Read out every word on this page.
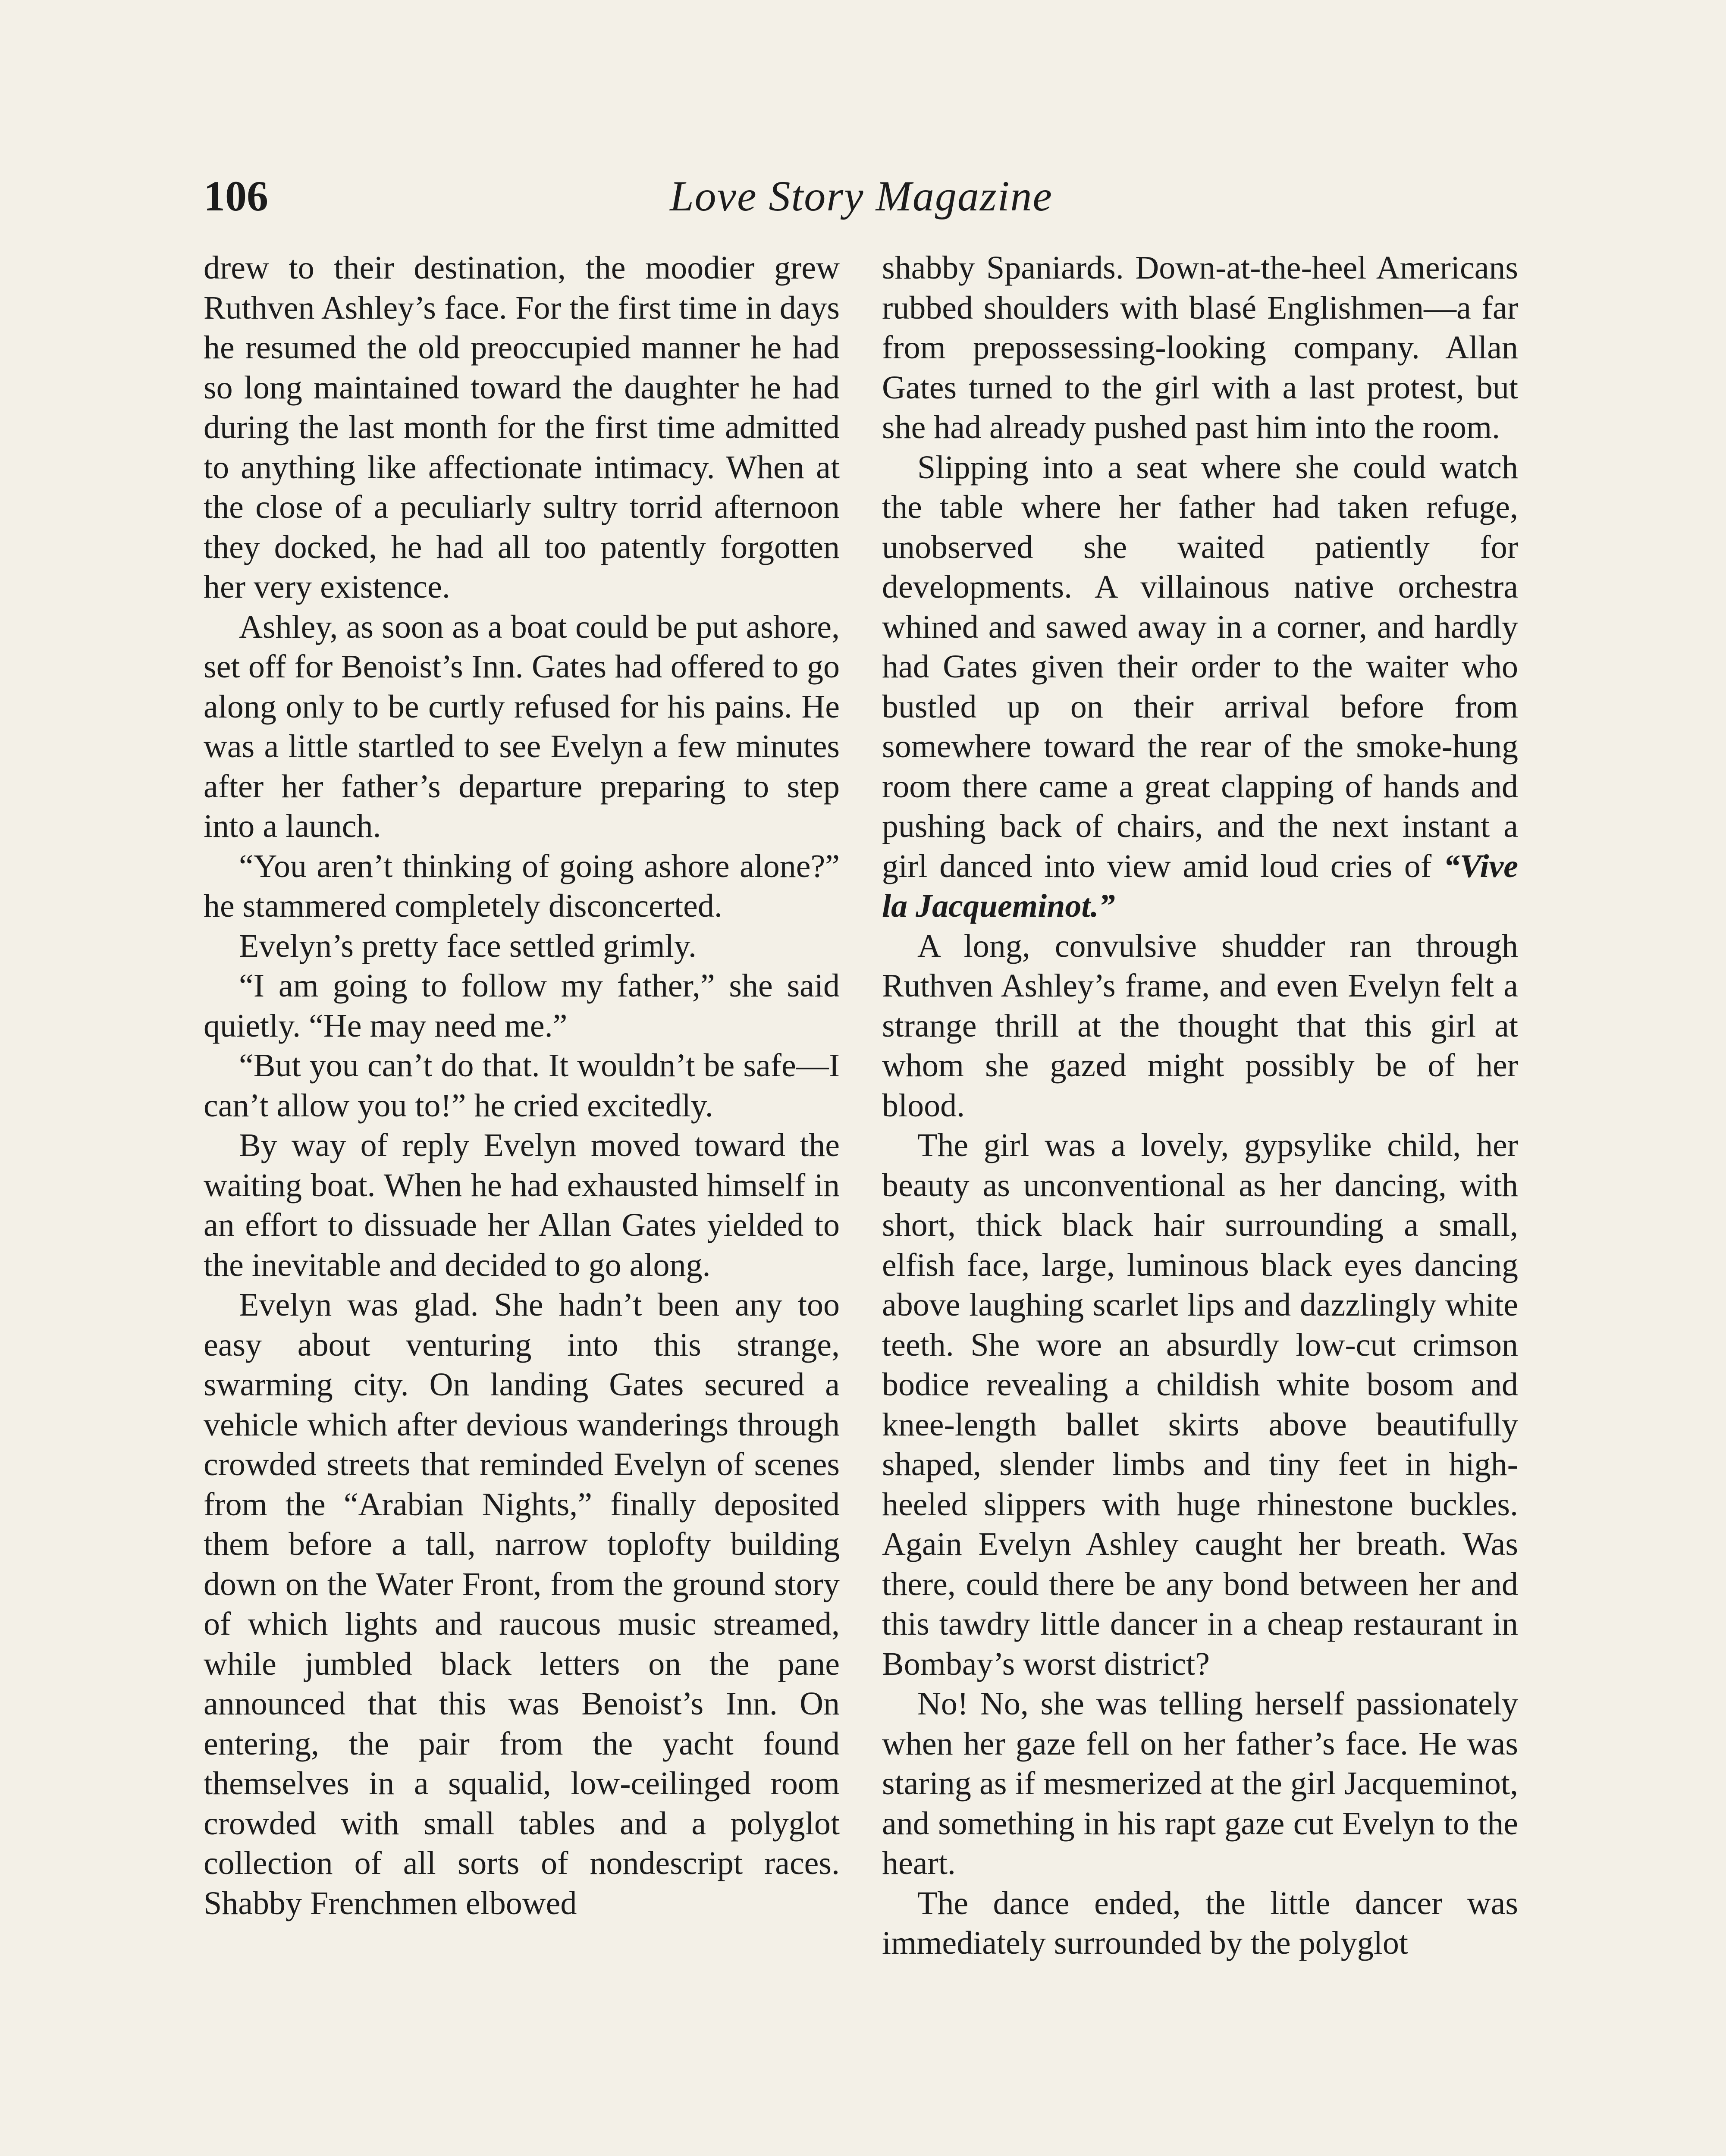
106	Love Story Magazine

drew to their destination, the moodier grew Ruthven Ashley’s face. For the first time in days he resumed the old preoccupied manner he had so long maintained toward the daughter he had during the last month for the first time admitted to anything like affectionate intimacy. When at the close of a peculiarly sultry torrid afternoon they docked, he had all too patently forgotten her very existence.

Ashley, as soon as a boat could be put ashore, set off for Benoist’s Inn. Gates had offered to go along only to be curtly refused for his pains. He was a little startled to see Evelyn a few minutes after her father’s departure preparing to step into a launch.

“You aren’t thinking of going ashore alone?” he stammered completely disconcerted.

Evelyn’s pretty face settled grimly.

“I am going to follow my father,” she said quietly. “He may need me.”

“But you can’t do that. It wouldn’t be safe—I can’t allow you to!” he cried excitedly.

By way of reply Evelyn moved toward the waiting boat. When he had exhausted himself in an effort to dissuade her Allan Gates yielded to the inevitable and decided to go along.

Evelyn was glad. She hadn’t been any too easy about venturing into this strange, swarming city. On landing Gates secured a vehicle which after devious wanderings through crowded streets that reminded Evelyn of scenes from the “Arabian Nights,” finally deposited them before a tall, narrow toplofty building down on the Water Front, from the ground story of which lights and raucous music streamed, while jumbled black letters on the pane announced that this was Benoist’s Inn. On entering, the pair from the yacht found themselves in a squalid, low-ceilinged room crowded with small tables and a polyglot collection of all sorts of nondescript races. Shabby Frenchmen elbowed

shabby Spaniards. Down-at-the-heel Americans rubbed shoulders with blasé Englishmen—a far from prepossessing-looking company. Allan Gates turned to the girl with a last protest, but she had already pushed past him into the room.

Slipping into a seat where she could watch the table where her father had taken refuge, unobserved she waited patiently for developments. A villainous native orchestra whined and sawed away in a corner, and hardly had Gates given their order to the waiter who bustled up on their arrival before from somewhere toward the rear of the smoke-hung room there came a great clapping of hands and pushing back of chairs, and the next instant a girl danced into view amid loud cries of “Vive la Jacqueminot.”

A long, convulsive shudder ran through Ruthven Ashley’s frame, and even Evelyn felt a strange thrill at the thought that this girl at whom she gazed might possibly be of her blood.

The girl was a lovely, gypsylike child, her beauty as unconventional as her dancing, with short, thick black hair surrounding a small, elfish face, large, luminous black eyes dancing above laughing scarlet lips and dazzlingly white teeth. She wore an absurdly low-cut crimson bodice revealing a childish white bosom and knee-length ballet skirts above beautifully shaped, slender limbs and tiny feet in high-heeled slippers with huge rhinestone buckles. Again Evelyn Ashley caught her breath. Was there, could there be any bond between her and this tawdry little dancer in a cheap restaurant in Bombay’s worst district?

No! No, she was telling herself passionately when her gaze fell on her father’s face. He was staring as if mesmerized at the girl Jacqueminot, and something in his rapt gaze cut Evelyn to the heart.

The dance ended, the little dancer was immediately surrounded by the polyglot
